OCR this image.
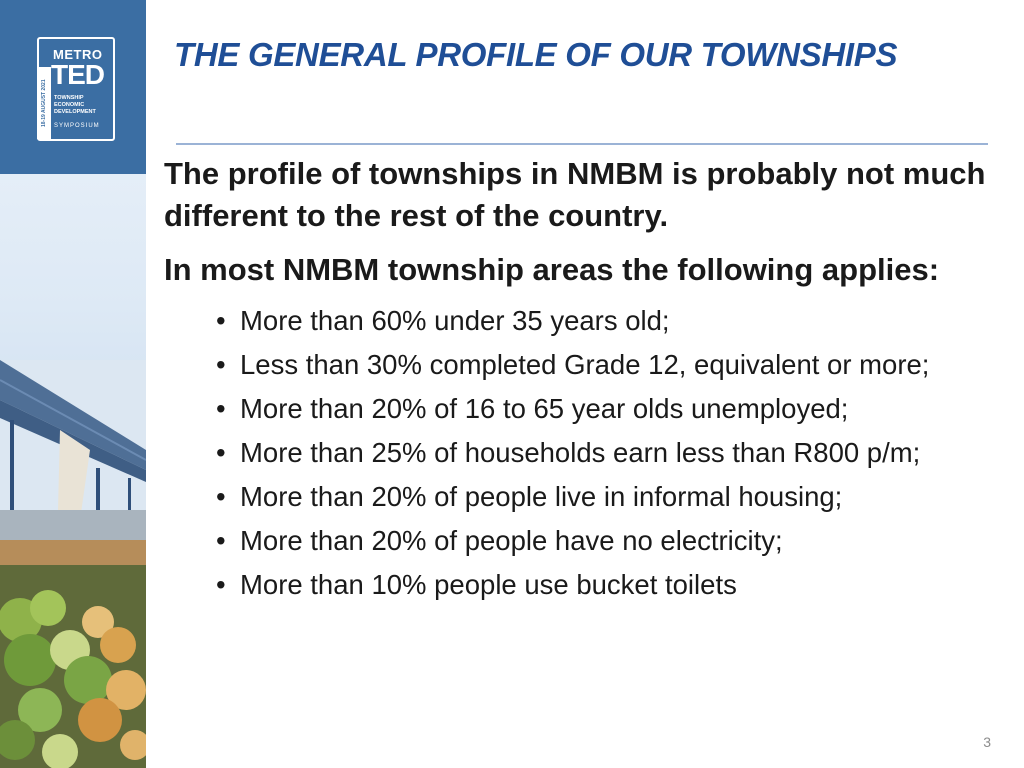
18-19 AUGUST 2021
METRO
TED
TOWNSHIP
ECONOMIC
DEVELOPMENT
SYMPOSIUM
THE GENERAL PROFILE OF OUR TOWNSHIPS

The profile of townships in NMBM is probably not much different to the rest of the country.

In most NMBM township areas the following applies:

• More than 60% under 35 years old;
• Less than 30% completed Grade 12, equivalent or more;
• More than 20% of 16 to 65 year olds unemployed;
• More than 25% of households earn less than R800 p/m;
• More than 20% of people live in informal housing;
• More than 20% of people have no electricity;
• More than 10% people use bucket toilets
3
